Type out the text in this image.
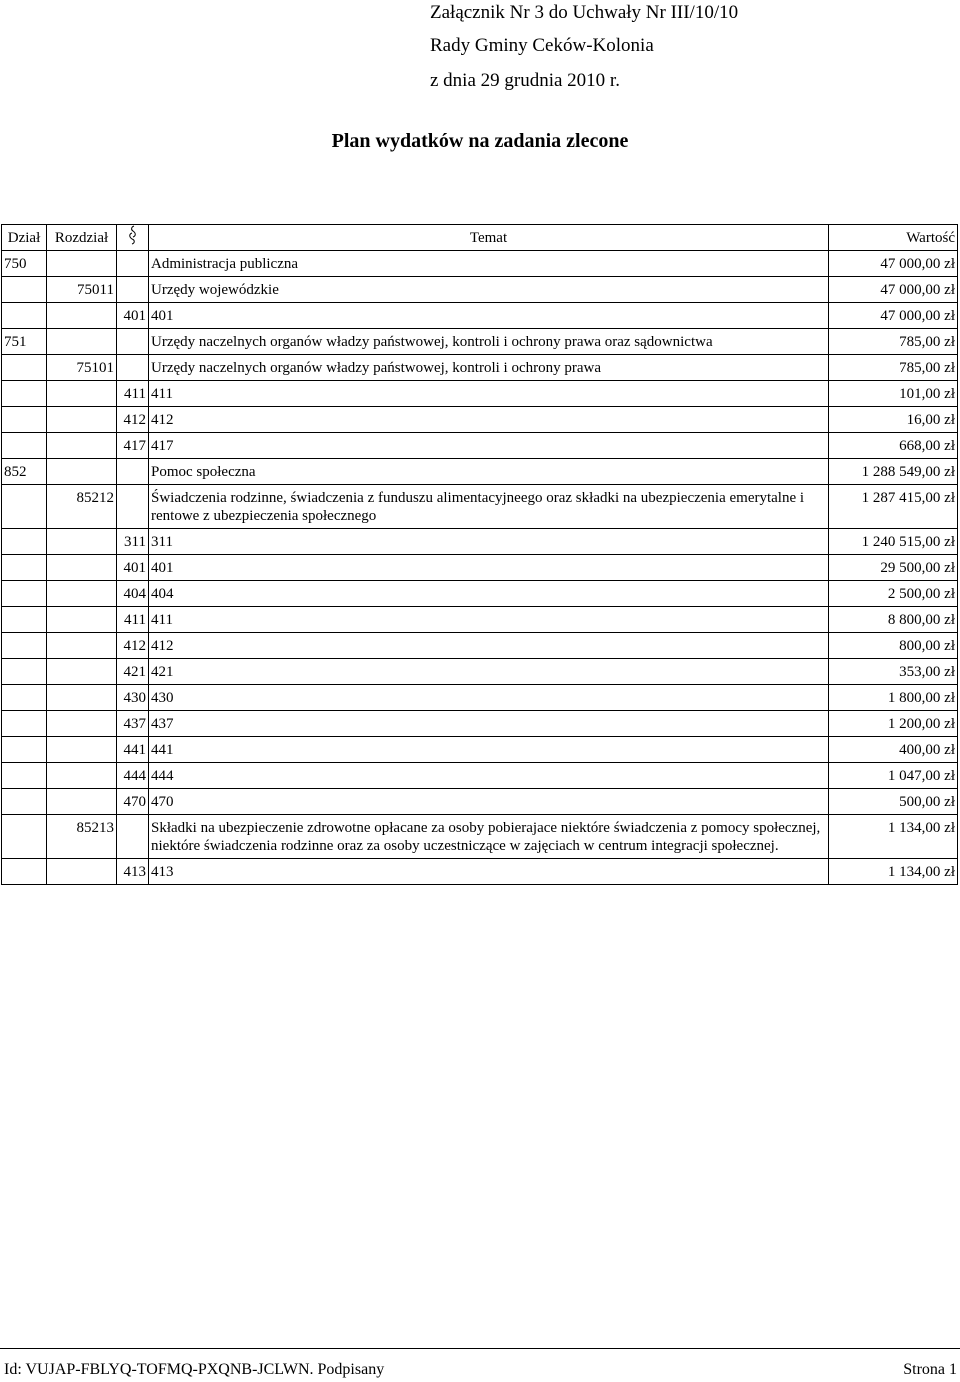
Załącznik Nr 3 do Uchwały Nr III/10/10
Rady Gminy Ceków-Kolonia
z dnia 29 grudnia 2010 r.
Plan wydatków na zadania zlecone
Dział	Rozdział		Temat	Wartość
750			Administracja publiczna	47 000,00 zł
	75011		Urzędy wojewódzkie	47 000,00 zł
		401	401	47 000,00 zł
751			Urzędy naczelnych organów władzy państwowej, kontroli i ochrony prawa oraz sądownictwa	785,00 zł
	75101		Urzędy naczelnych organów władzy państwowej, kontroli i ochrony prawa	785,00 zł
		411	411	101,00 zł
		412	412	16,00 zł
		417	417	668,00 zł
852			Pomoc społeczna	1 288 549,00 zł
	85212		Świadczenia rodzinne, świadczenia z funduszu alimentacyjneego oraz składki na ubezpieczenia emerytalne i rentowe z ubezpieczenia społecznego	1 287 415,00 zł
		311	311	1 240 515,00 zł
		401	401	29 500,00 zł
		404	404	2 500,00 zł
		411	411	8 800,00 zł
		412	412	800,00 zł
		421	421	353,00 zł
		430	430	1 800,00 zł
		437	437	1 200,00 zł
		441	441	400,00 zł
		444	444	1 047,00 zł
		470	470	500,00 zł
	85213		Składki na ubezpieczenie zdrowotne opłacane za osoby pobierajace niektóre świadczenia z pomocy społecznej, niektóre świadczenia rodzinne oraz za osoby uczestniczące w zajęciach w centrum integracji społecznej.	1 134,00 zł
		413	413	1 134,00 zł
Id: VUJAP-FBLYQ-TOFMQ-PXQNB-JCLWN. Podpisany	Strona 1
